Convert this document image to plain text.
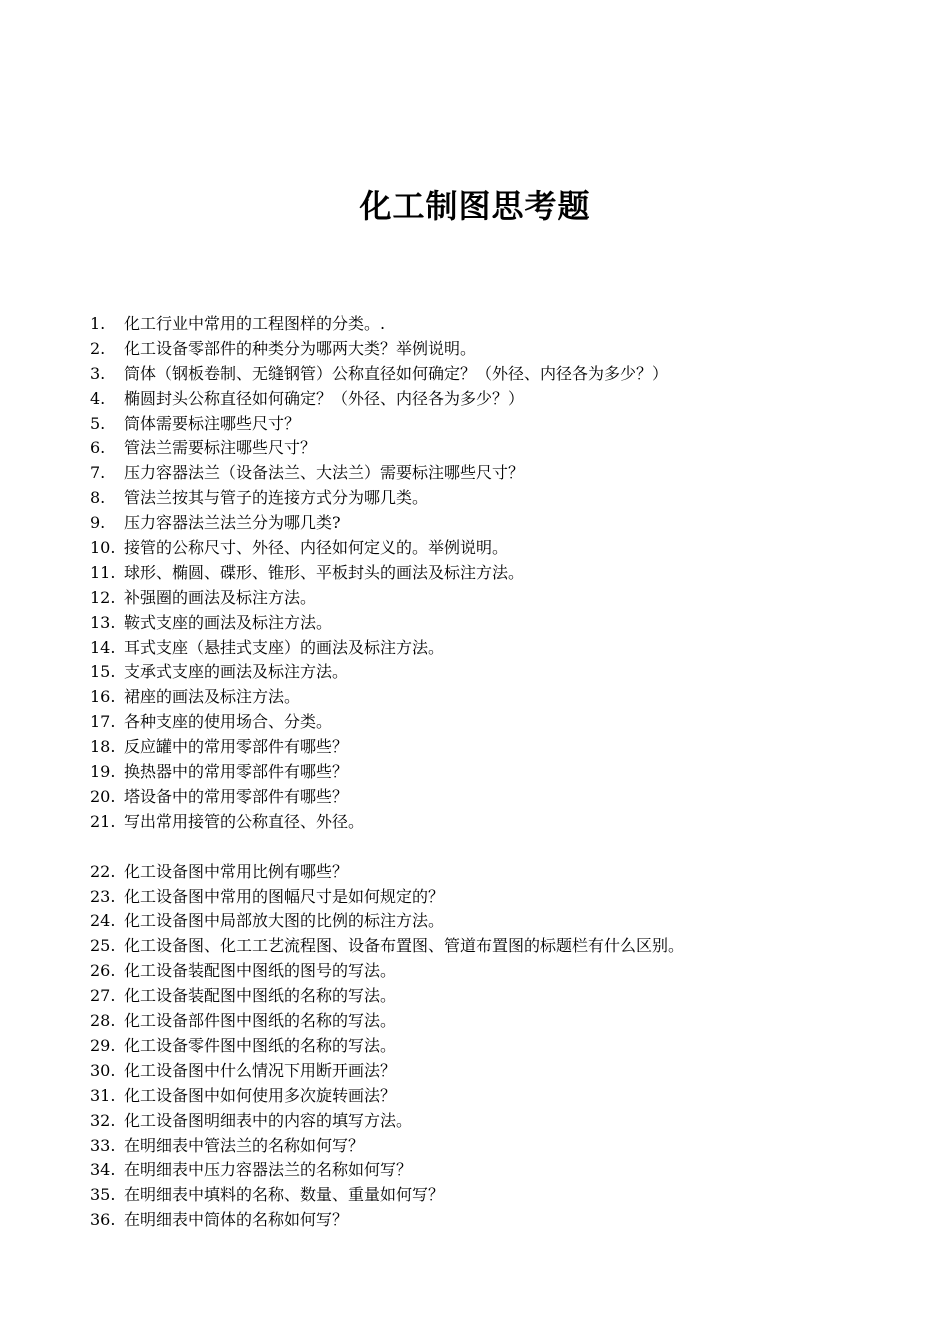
化工制图思考题
1.	化工行业中常用的工程图样的分类。.
2.	化工设备零部件的种类分为哪两大类？举例说明。
3.	筒体（钢板卷制、无缝钢管）公称直径如何确定？（外径、内径各为多少？）
4.	椭圆封头公称直径如何确定？（外径、内径各为多少？）
5.	筒体需要标注哪些尺寸？
6.	管法兰需要标注哪些尺寸？
7.	压力容器法兰（设备法兰、大法兰）需要标注哪些尺寸？
8.	管法兰按其与管子的连接方式分为哪几类。
9.	压力容器法兰法兰分为哪几类?
10. 接管的公称尺寸、外径、内径如何定义的。举例说明。
11. 球形、椭圆、碟形、锥形、平板封头的画法及标注方法。
12. 补强圈的画法及标注方法。
13. 鞍式支座的画法及标注方法。
14. 耳式支座（悬挂式支座）的画法及标注方法。
15. 支承式支座的画法及标注方法。
16. 裙座的画法及标注方法。
17. 各种支座的使用场合、分类。
18. 反应罐中的常用零部件有哪些？
19. 换热器中的常用零部件有哪些？
20. 塔设备中的常用零部件有哪些？
21. 写出常用接管的公称直径、外径。
22. 化工设备图中常用比例有哪些？
23. 化工设备图中常用的图幅尺寸是如何规定的？
24. 化工设备图中局部放大图的比例的标注方法。
25. 化工设备图、化工工艺流程图、设备布置图、管道布置图的标题栏有什么区别。
26. 化工设备装配图中图纸的图号的写法。
27. 化工设备装配图中图纸的名称的写法。
28. 化工设备部件图中图纸的名称的写法。
29. 化工设备零件图中图纸的名称的写法。
30. 化工设备图中什么情况下用断开画法？
31. 化工设备图中如何使用多次旋转画法？
32. 化工设备图明细表中的内容的填写方法。
33. 在明细表中管法兰的名称如何写？
34. 在明细表中压力容器法兰的名称如何写？
35. 在明细表中填料的名称、数量、重量如何写？
36. 在明细表中筒体的名称如何写？
